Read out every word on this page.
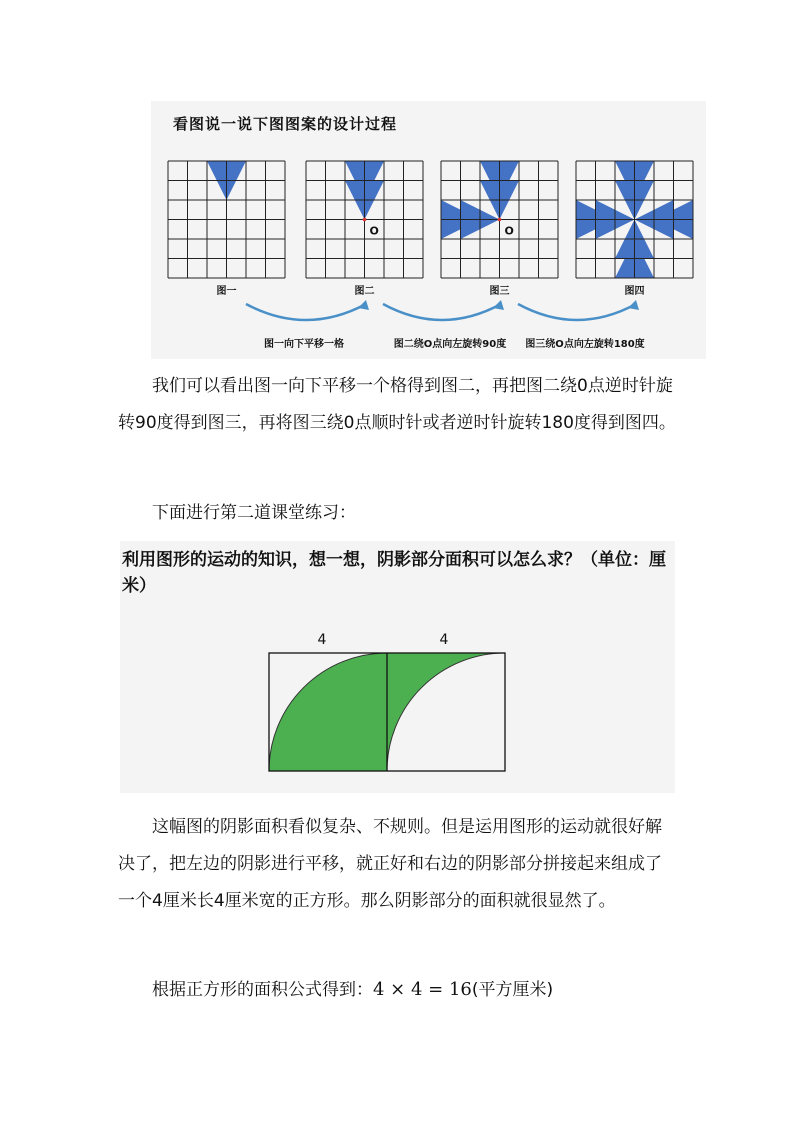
看图说一说下图图案的设计过程
图一
O
图二
O
图三	图四
图一向下平移一格	图二绕O点向左旋转90度 图三绕O点向左旋转180度
我们可以看出图一向下平移一个格得到图二，再把图二绕0点逆时针旋转90度得到图三，再将图三绕0点顺时针或者逆时针旋转180度得到图四。
下面进行第二道课堂练习：
利用图形的运动的知识，想一想，阴影部分面积可以怎么求？（单位：厘米）
4	4
这幅图的阴影面积看似复杂、不规则。但是运用图形的运动就很好解决了，把左边的阴影进行平移，就正好和右边的阴影部分拼接起来组成了一个4厘米长4厘米宽的正方形。那么阴影部分的面积就很显然了。
根据正方形的面积公式得到：4 × 4 = 16(平方厘米)
